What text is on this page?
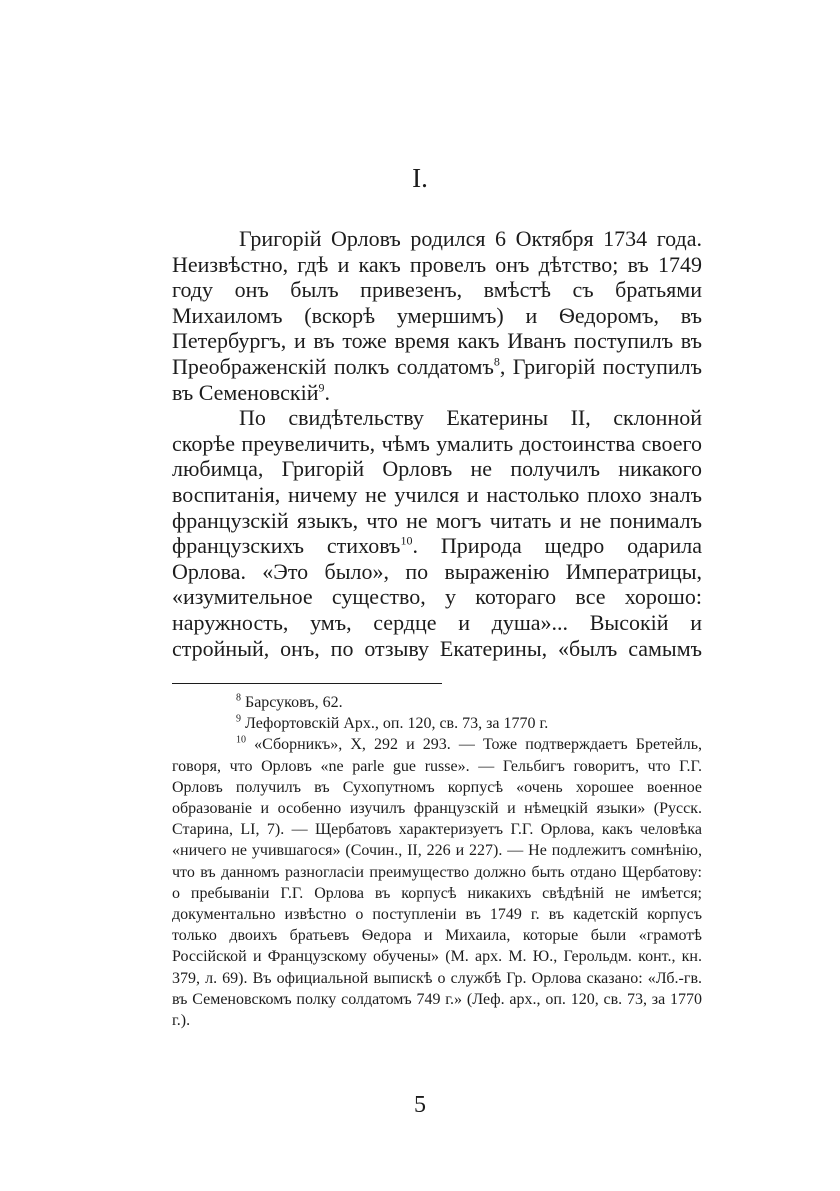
I.

Григорій Орловъ родился 6 Октября 1734 года. Неизвѣстно, гдѣ и какъ провелъ онъ дѣтство; въ 1749 году онъ былъ привезенъ, вмѣстѣ съ братьями Михаиломъ (вскорѣ умершимъ) и Ѳедоромъ, въ Петербургъ, и въ тоже время какъ Иванъ поступилъ въ Преображенскій полкъ солдатомъ$^8$, Григорій поступилъ въ Семеновскій$^9$.

По свидѣтельству Екатерины II, склонной скорѣе преувеличить, чѣмъ умалить достоинства своего любимца, Григорій Орловъ не получилъ никакого воспитанія, ничему не учился и настолько плохо зналъ французскій языкъ, что не могъ читать и не понималъ французскихъ стиховъ$^{10}$. Природа щедро одарила Орлова. «Это было», по выраженію Императрицы, «изумительное существо, у котораго все хорошо: наружность, умъ, сердце и душа»... Высокій и стройный, онъ, по отзыву Екатерины, «былъ самымъ

$^8$ Барсуковъ, 62.

$^9$ Лефортовскій Арх., оп. 120, св. 73, за 1770 г.

$^{10}$ «Сборникъ», X, 292 и 293. — Тоже подтверждаетъ Бретейль, говоря, что Орловъ «ne parle gue russe». — Гельбигъ говоритъ, что Г.Г. Орловъ получилъ въ Сухопутномъ корпусѣ «очень хорошее военное образованіе и особенно изучилъ французскій и нѣмецкій языки» (Русск. Старина, LI, 7). — Щербатовъ характеризуетъ Г.Г. Орлова, какъ человѣка «ничего не учившагося» (Сочин., II, 226 и 227). — Не подлежитъ сомнѣнію, что въ данномъ разногласіи преимущество должно быть отдано Щербатову: о пребываніи Г.Г. Орлова въ корпусѣ никакихъ свѣдѣній не имѣется; документально извѣстно о поступленіи въ 1749 г. въ кадетскій корпусъ только двоихъ братьевъ Ѳедора и Михаила, которые были «грамотѣ Россійской и Французскому обучены» (М. арх. М. Ю., Герольдм. конт., кн. 379, л. 69). Въ официальной выпискѣ о службѣ Гр. Орлова сказано: «Лб.-гв. въ Семеновскомъ полку солдатомъ 749 г.» (Леф. арх., оп. 120, св. 73, за 1770 г.).

5
